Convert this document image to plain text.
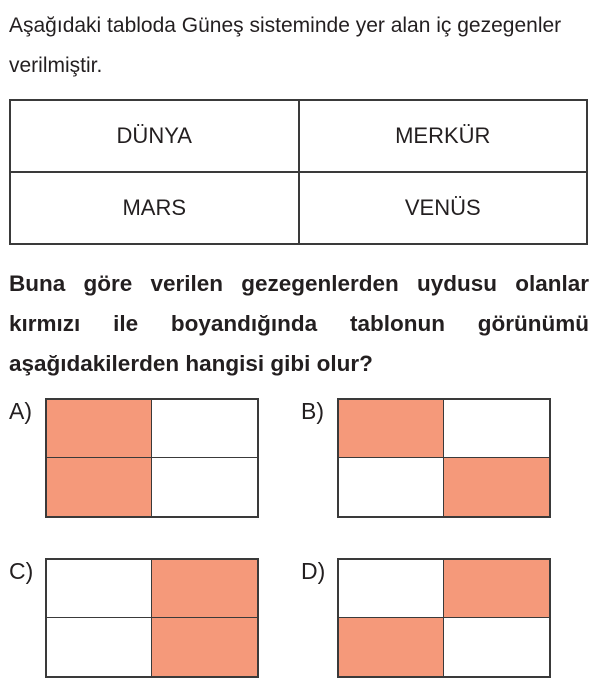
Aşağıdaki tabloda Güneş sisteminde yer alan iç gezegenler verilmiştir.
DÜNYA	MERKÜR
MARS	VENÜS
Buna göre verilen gezegenlerden uydusu olanlar kırmızı ile boyandığında tablonun görünümü aşağıdakilerden hangisi gibi olur?
A)	B)
C)	D)
